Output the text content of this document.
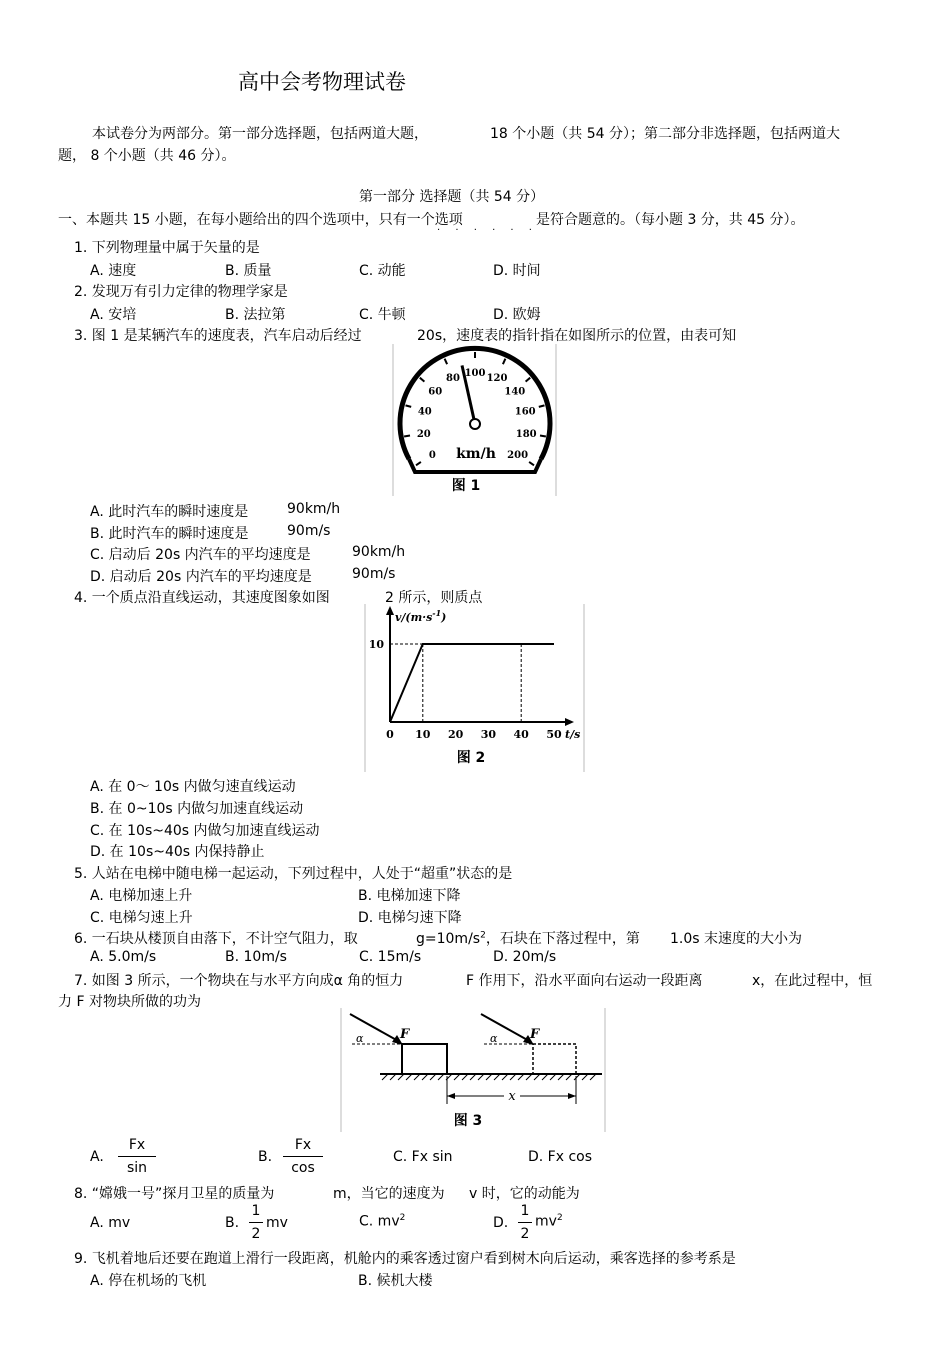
高中会考物理试卷
本试卷分为两部分。第一部分选择题，包括两道大题，	18 个小题（共 54 分）；第二部分非选择题，包括两道大
题， 8 个小题（共 46 分）。
第一部分 选择题（共 54 分）
一、本题共 15 小题，在每小题给出的四个选项中，只有一个选项
· · · · · ·
是符合题意的。（每小题 3 分，共 45 分）。
1. 下列物理量中属于矢量的是
A. 速度	B. 质量	C. 动能	D. 时间
2. 发现万有引力定律的物理学家是
A. 安培	B. 法拉第	C. 牛顿	D. 欧姆
3. 图 1 是某辆汽车的速度表，汽车启动后经过	20s，速度表的指针指在如图所示的位置，由表可知
0
20
40
60
80 100 120
140
160
180
200
km/h
图 1
A. 此时汽车的瞬时速度是	90km/h
B. 此时汽车的瞬时速度是	90m/s
C. 启动后 20s 内汽车的平均速度是	90km/h
D. 启动后 20s 内汽车的平均速度是	90m/s
4. 一个质点沿直线运动，其速度图象如图	2 所示，则质点
$v/(m\cdot s^{-1})$
10
0 10 20 30 40 50 t/s
图 2
A. 在 0～ 10s 内做匀速直线运动
B. 在 0~10s 内做匀加速直线运动
C. 在 10s~40s 内做匀加速直线运动
D. 在 10s~40s 内保持静止
5. 人站在电梯中随电梯一起运动，下列过程中，人处于“超重”状态的是
A. 电梯加速上升	B. 电梯加速下降
C. 电梯匀速上升	D. 电梯匀速下降
6. 一石块从楼顶自由落下，不计空气阻力，取	$g=10m/s^2$，石块在下落过程中，第 1.0s 末速度的大小为
A. 5.0m/s	B. 10m/s	C. 15m/s	D. 20m/s
7. 如图 3 所示，一个物块在与水平方向成α 角的恒力	F 作用下，沿水平面向右运动一段距离	x，在此过程中，恒
力 F 对物块所做的功为
α	F	α	F
x
图 3
A.
Fx
sin
B.
Fx
cos
C. Fx sin	D. Fx cos
8. “嫦娥一号”探月卫星的质量为	m，当它的速度为 v 时，它的动能为
A. mv	B.
1
2
mv	C. $mv^2$	D.
1
2
$mv^2$
9. 飞机着地后还要在跑道上滑行一段距离，机舱内的乘客透过窗户看到树木向后运动，乘客选择的参考系是
A. 停在机场的飞机	B. 候机大楼
